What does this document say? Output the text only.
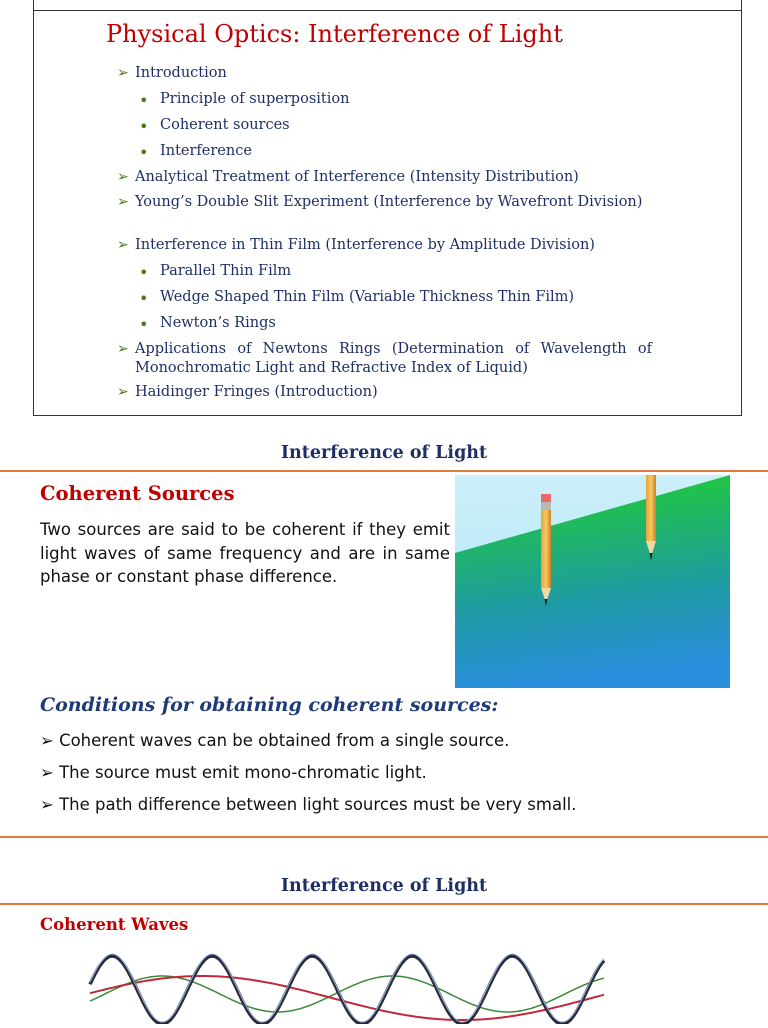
Physical Optics: Interference of Light
➢ Introduction
• Principle of superposition
• Coherent sources
• Interference
➢ Analytical Treatment of Interference (Intensity Distribution)
➢ Young’s Double Slit Experiment (Interference by Wavefront Division)
➢ Interference in Thin Film (Interference by Amplitude Division)
• Parallel Thin Film
• Wedge Shaped Thin Film (Variable Thickness Thin Film)
• Newton’s Rings
➢ Applications of Newtons Rings (Determination of Wavelength of Monochromatic Light and Refractive Index of Liquid)
➢ Haidinger Fringes (Introduction)
Interference of Light
Coherent Sources
Two sources are said to be coherent if they emit light waves of same frequency and are in same phase or constant phase difference.
Conditions for obtaining coherent sources:
➢ Coherent waves can be obtained from a single source.
➢ The source must emit mono-chromatic light.
➢ The path difference between light sources must be very small.
Interference of Light
Coherent Waves
